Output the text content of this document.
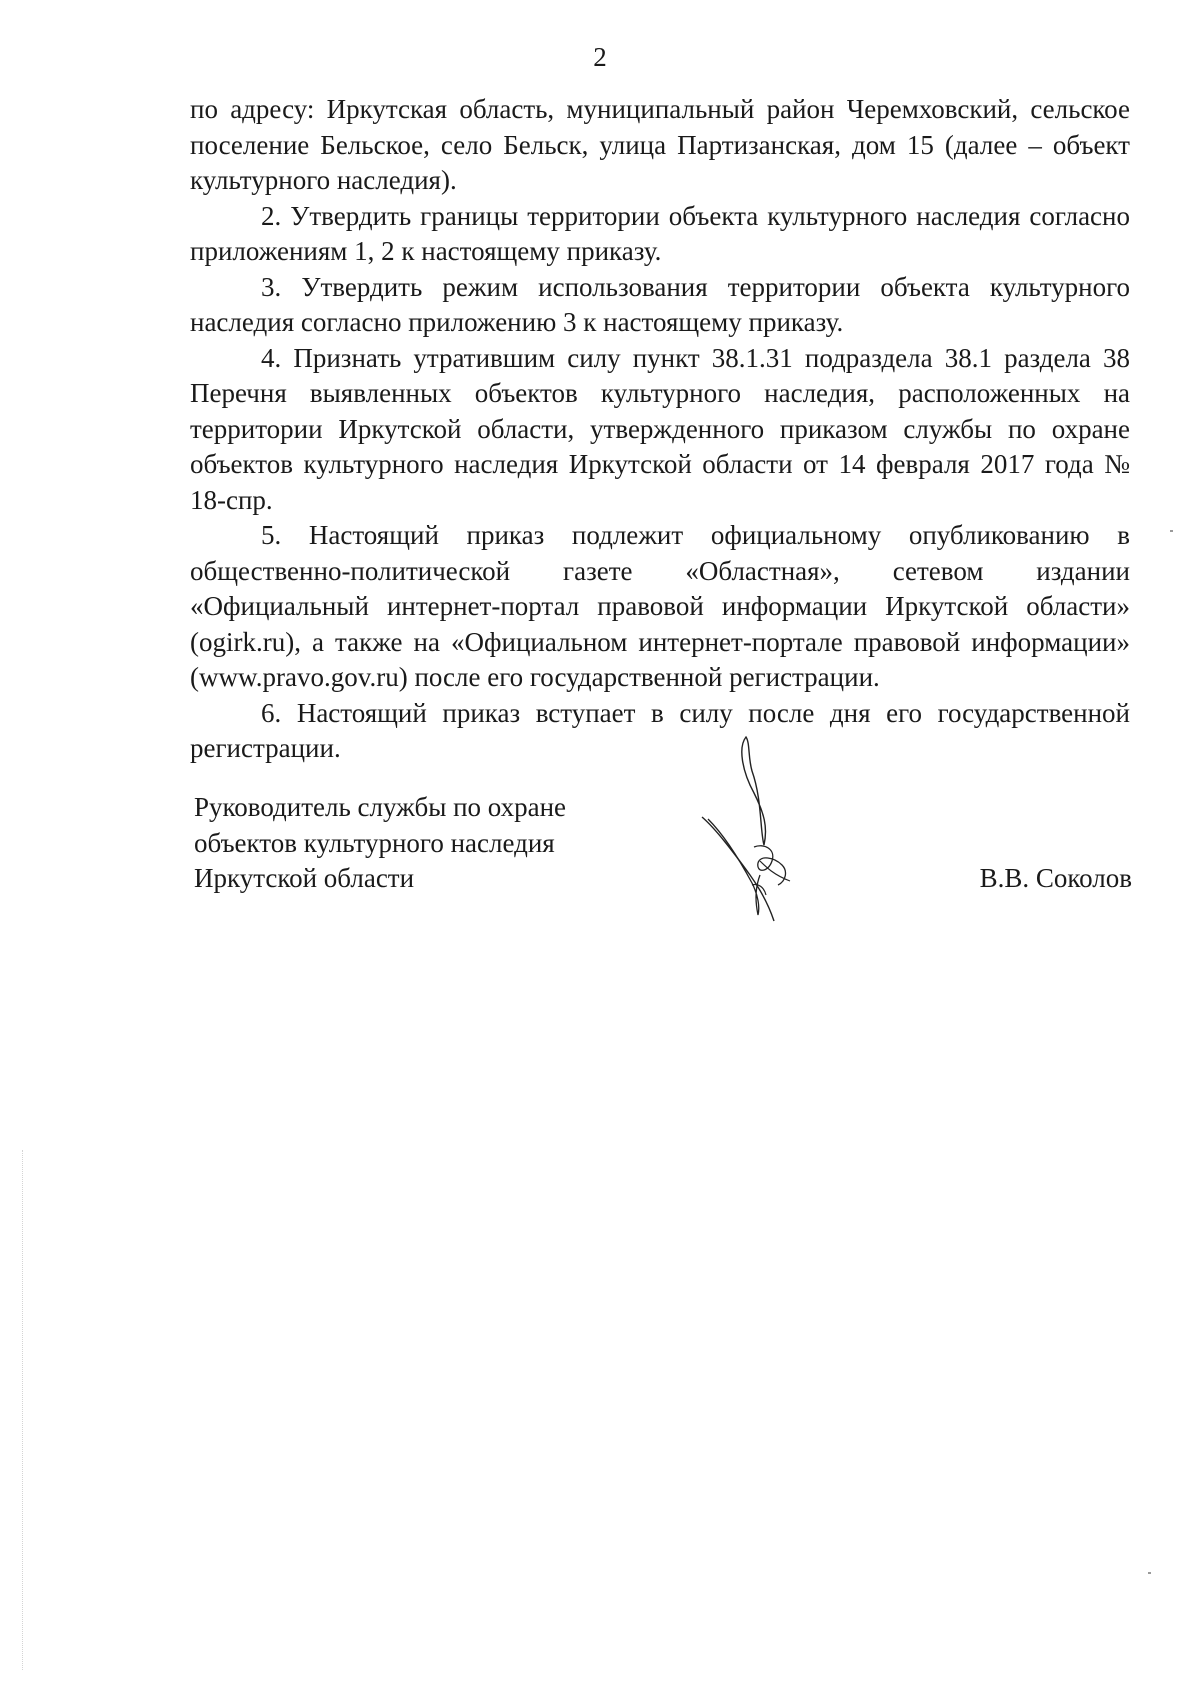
2

по адресу: Иркутская область, муниципальный район Черемховский, сельское поселение Бельское, село Бельск, улица Партизанская, дом 15 (далее – объект культурного наследия).

2. Утвердить границы территории объекта культурного наследия согласно приложениям 1, 2 к настоящему приказу.

3. Утвердить режим использования территории объекта культурного наследия согласно приложению 3 к настоящему приказу.

4. Признать утратившим силу пункт 38.1.31 подраздела 38.1 раздела 38 Перечня выявленных объектов культурного наследия, расположенных на территории Иркутской области, утвержденного приказом службы по охране объектов культурного наследия Иркутской области от 14 февраля 2017 года № 18-спр.

5. Настоящий приказ подлежит официальному опубликованию в общественно-политической газете «Областная», сетевом издании «Официальный интернет-портал правовой информации Иркутской области» (ogirk.ru), а также на «Официальном интернет-портале правовой информации» (www.pravo.gov.ru) после его государственной регистрации.

6. Настоящий приказ вступает в силу после дня его государственной регистрации.

Руководитель службы по охране
объектов культурного наследия
Иркутской области	В.В. Соколов
